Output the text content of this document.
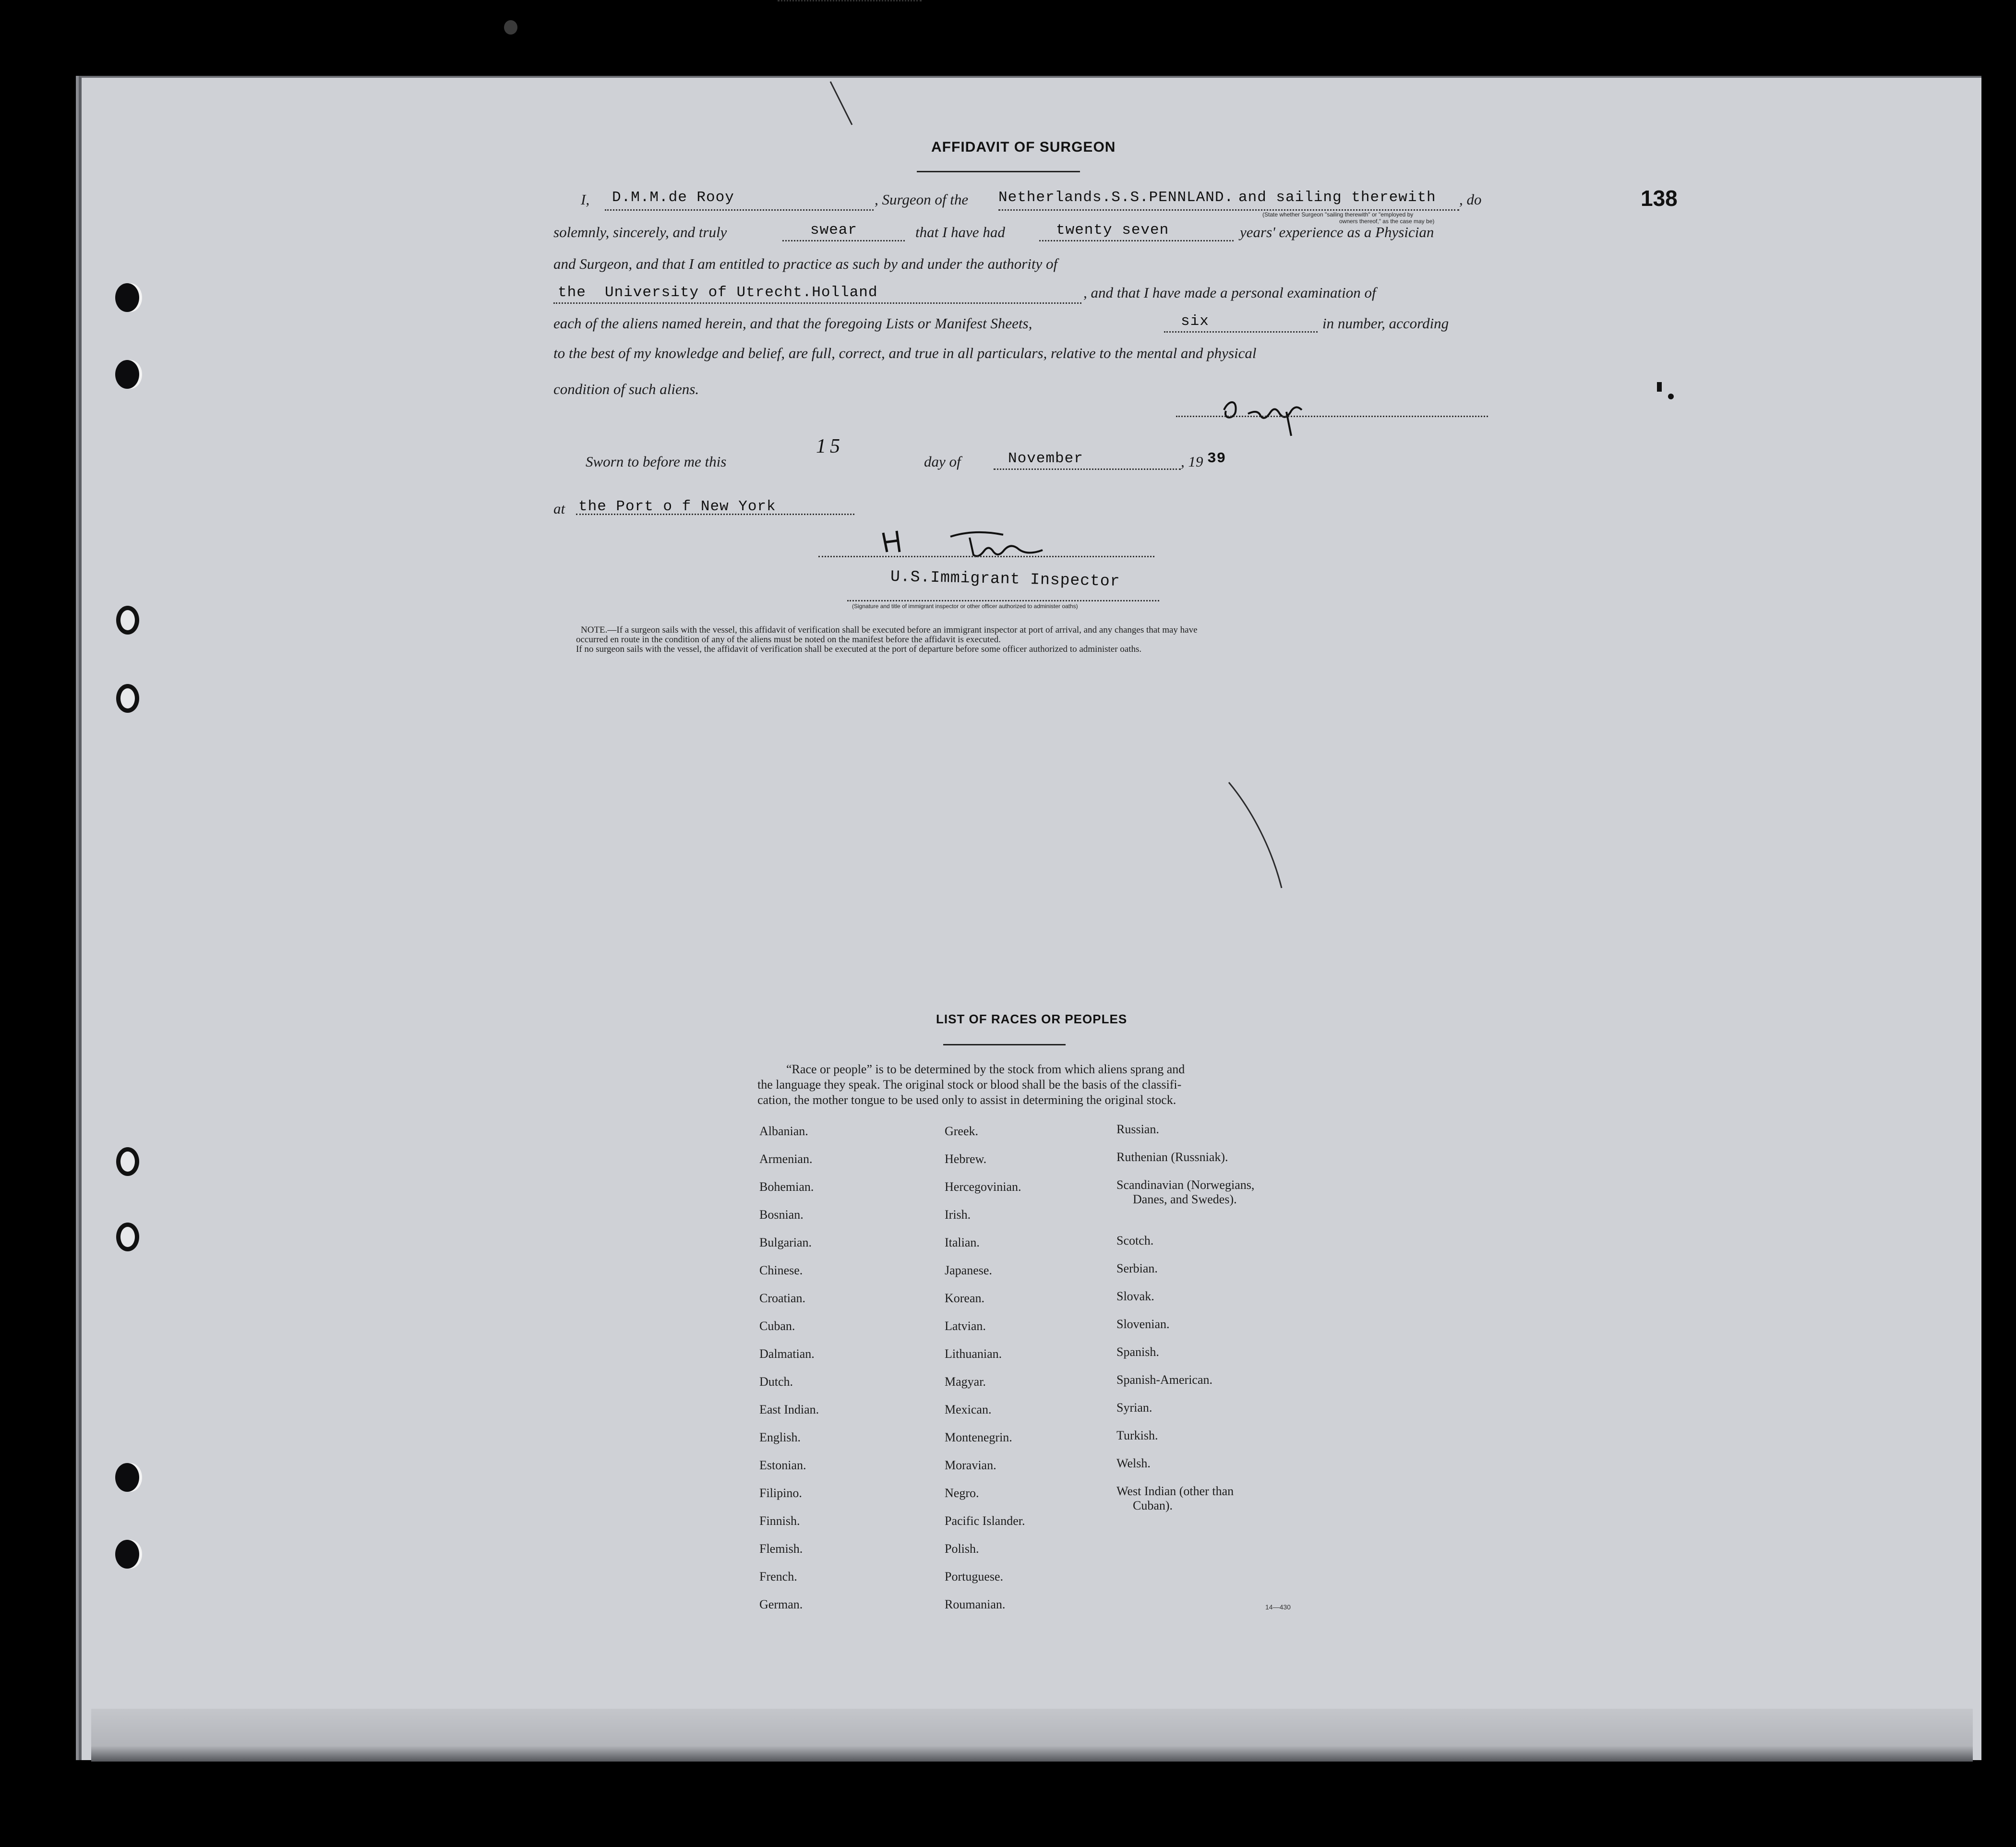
138
AFFIDAVIT OF SURGEON
I, D.M.M.de Rooy	, Surgeon of the Netherlands.S.S.PENNLAND. and sailing therewith , do
(State whether Surgeon "sailing therewith" or "employed by
owners thereof," as the case may be)
solemnly, sincerely, and truly	swear	that I have had	twenty seven	years' experience as a Physician
and Surgeon, and that I am entitled to practice as such by and under the authority of
the  University of Utrecht.Holland	, and that I have made a personal examination of
each of the aliens named herein, and that the foregoing Lists or Manifest Sheets,	six	in number, according
to the best of my knowledge and belief, are full, correct, and true in all particulars, relative to the mental and physical
condition of such aliens.
Sworn to before me this
15
day of	November	, 19 39
at the Port o f New York
U.S.Immigrant Inspector
(Signature and title of immigrant inspector or other officer authorized to administer oaths)
NOTE.—If a surgeon sails with the vessel, this affidavit of verification shall be executed before an immigrant inspector at port of arrival, and any changes that may have
occurred en route in the condition of any of the aliens must be noted on the manifest before the affidavit is executed.
If no surgeon sails with the vessel, the affidavit of verification shall be executed at the port of departure before some officer authorized to administer oaths.
LIST OF RACES OR PEOPLES
“Race or people” is to be determined by the stock from which aliens sprang and
the language they speak. The original stock or blood shall be the basis of the classifi-
cation, the mother tongue to be used only to assist in determining the original stock.
Albanian.
Armenian.
Bohemian.
Bosnian.
Bulgarian.
Chinese.
Croatian.
Cuban.
Dalmatian.
Dutch.
East Indian.
English.
Estonian.
Filipino.
Finnish.
Flemish.
French.
German.
Greek.
Hebrew.
Hercegovinian.
Irish.
Italian.
Japanese.
Korean.
Latvian.
Lithuanian.
Magyar.
Mexican.
Montenegrin.
Moravian.
Negro.
Pacific Islander.
Polish.
Portuguese.
Roumanian.
Russian.
Ruthenian (Russniak).
Scandinavian (Norwegians,
Danes, and Swedes).
Scotch.
Serbian.
Slovak.
Slovenian.
Spanish.
Spanish-American.
Syrian.
Turkish.
Welsh.
West Indian (other than
Cuban).
14—430
